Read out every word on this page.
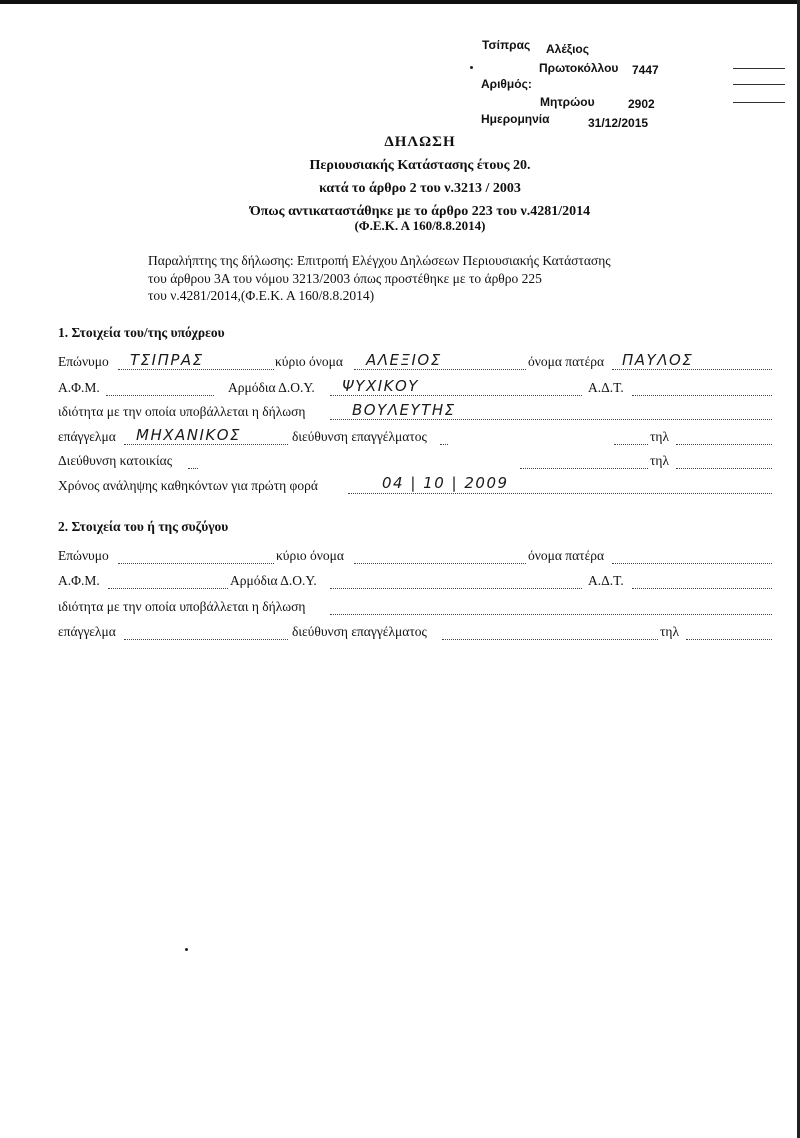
Τσίπρας Αλέξιος
Πρωτοκόλλου 7447
Αριθμός:
Μητρώου	2902
Ημερομηνία	31/12/2015
ΔΗΛΩΣΗ
Περιουσιακής Κατάστασης έτους 20.
κατά το άρθρο 2 του ν.3213 / 2003
Όπως αντικαταστάθηκε με το άρθρο 223 του ν.4281/2014
(Φ.Ε.Κ. Α 160/8.8.2014)
Παραλήπτης της δήλωσης: Επιτροπή Ελέγχου Δηλώσεων Περιουσιακής Κατάστασης
του άρθρου 3Α του νόμου 3213/2003 όπως προστέθηκε με το άρθρο 225
του ν.4281/2014,(Φ.Ε.Κ. Α 160/8.8.2014)
1. Στοιχεία του/της υπόχρεου
Επώνυμο ΤΣΙΠΡΑΣ	κύριο όνομα ΑΛΕΞΙΟΣ	όνομα πατέρα ΠΑΥΛΟΣ
Α.Φ.Μ.	Αρμόδια Δ.Ο.Υ. ΨΥΧΙΚΟΥ	Α.Δ.Τ.
ιδιότητα με την οποία υποβάλλεται η δήλωση	ΒΟΥΛΕΥΤΗΣ
επάγγελμα ΜΗΧΑΝΙΚΟΣ	διεύθυνση επαγγέλματος	τηλ
Διεύθυνση κατοικίας	τηλ
Χρόνος ανάληψης καθηκόντων για πρώτη φορά	04 | 10 | 2009
2. Στοιχεία του ή της συζύγου
Επώνυμο	κύριο όνομα	όνομα πατέρα
Α.Φ.Μ.	Αρμόδια Δ.Ο.Υ.	Α.Δ.Τ.
ιδιότητα με την οποία υποβάλλεται η δήλωση
επάγγελμα	διεύθυνση επαγγέλματος	τηλ
